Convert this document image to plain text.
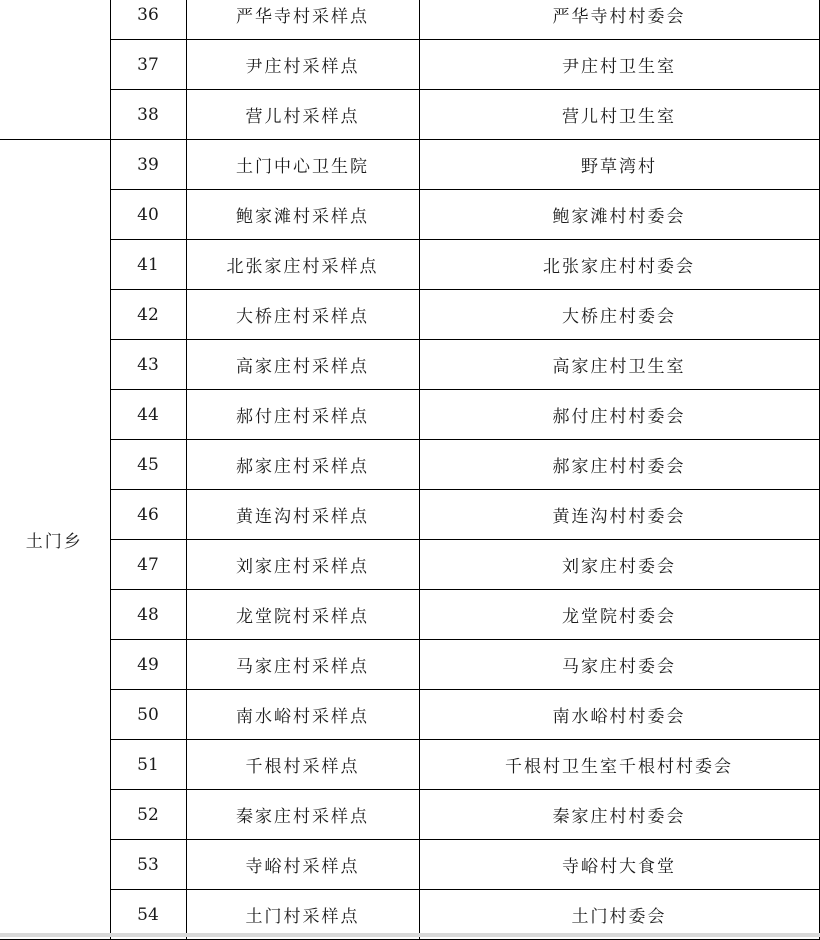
	36	严华寺村采样点	严华寺村村委会
	37	尹庄村采样点	尹庄村卫生室
	38	营儿村采样点	营儿村卫生室
土门乡	39	土门中心卫生院	野草湾村
	40	鲍家滩村采样点	鲍家滩村村委会
	41	北张家庄村采样点	北张家庄村村委会
	42	大桥庄村采样点	大桥庄村委会
	43	高家庄村采样点	高家庄村卫生室
	44	郝付庄村采样点	郝付庄村村委会
	45	郝家庄村采样点	郝家庄村村委会
	46	黄连沟村采样点	黄连沟村村委会
	47	刘家庄村采样点	刘家庄村委会
	48	龙堂院村采样点	龙堂院村委会
	49	马家庄村采样点	马家庄村委会
	50	南水峪村采样点	南水峪村村委会
	51	千根村采样点	千根村卫生室千根村村委会
	52	秦家庄村采样点	秦家庄村村委会
	53	寺峪村采样点	寺峪村大食堂
	54	土门村采样点	土门村委会
